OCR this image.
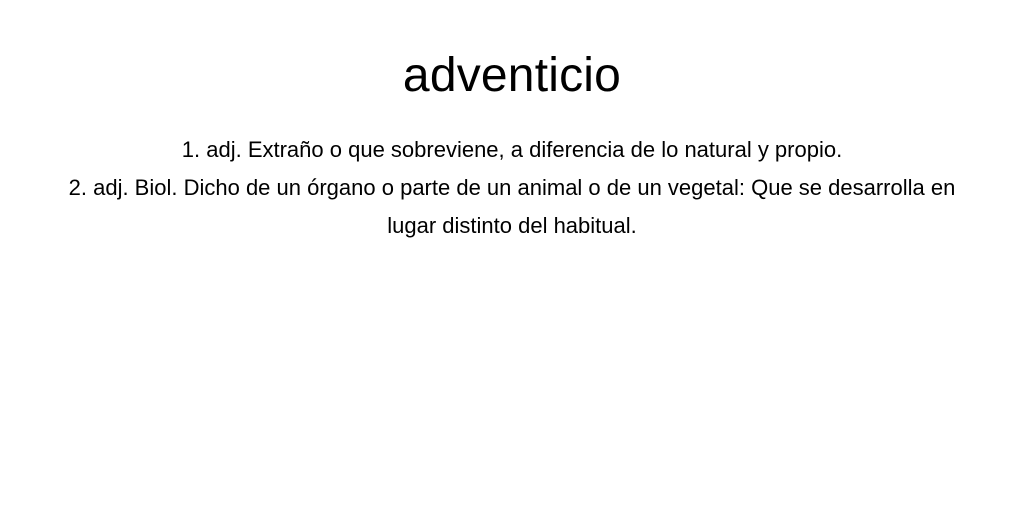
adventicio
1. adj. Extraño o que sobreviene, a diferencia de lo natural y propio.
2. adj. Biol. Dicho de un órgano o parte de un animal o de un vegetal: Que se desarrolla en lugar distinto del habitual.
